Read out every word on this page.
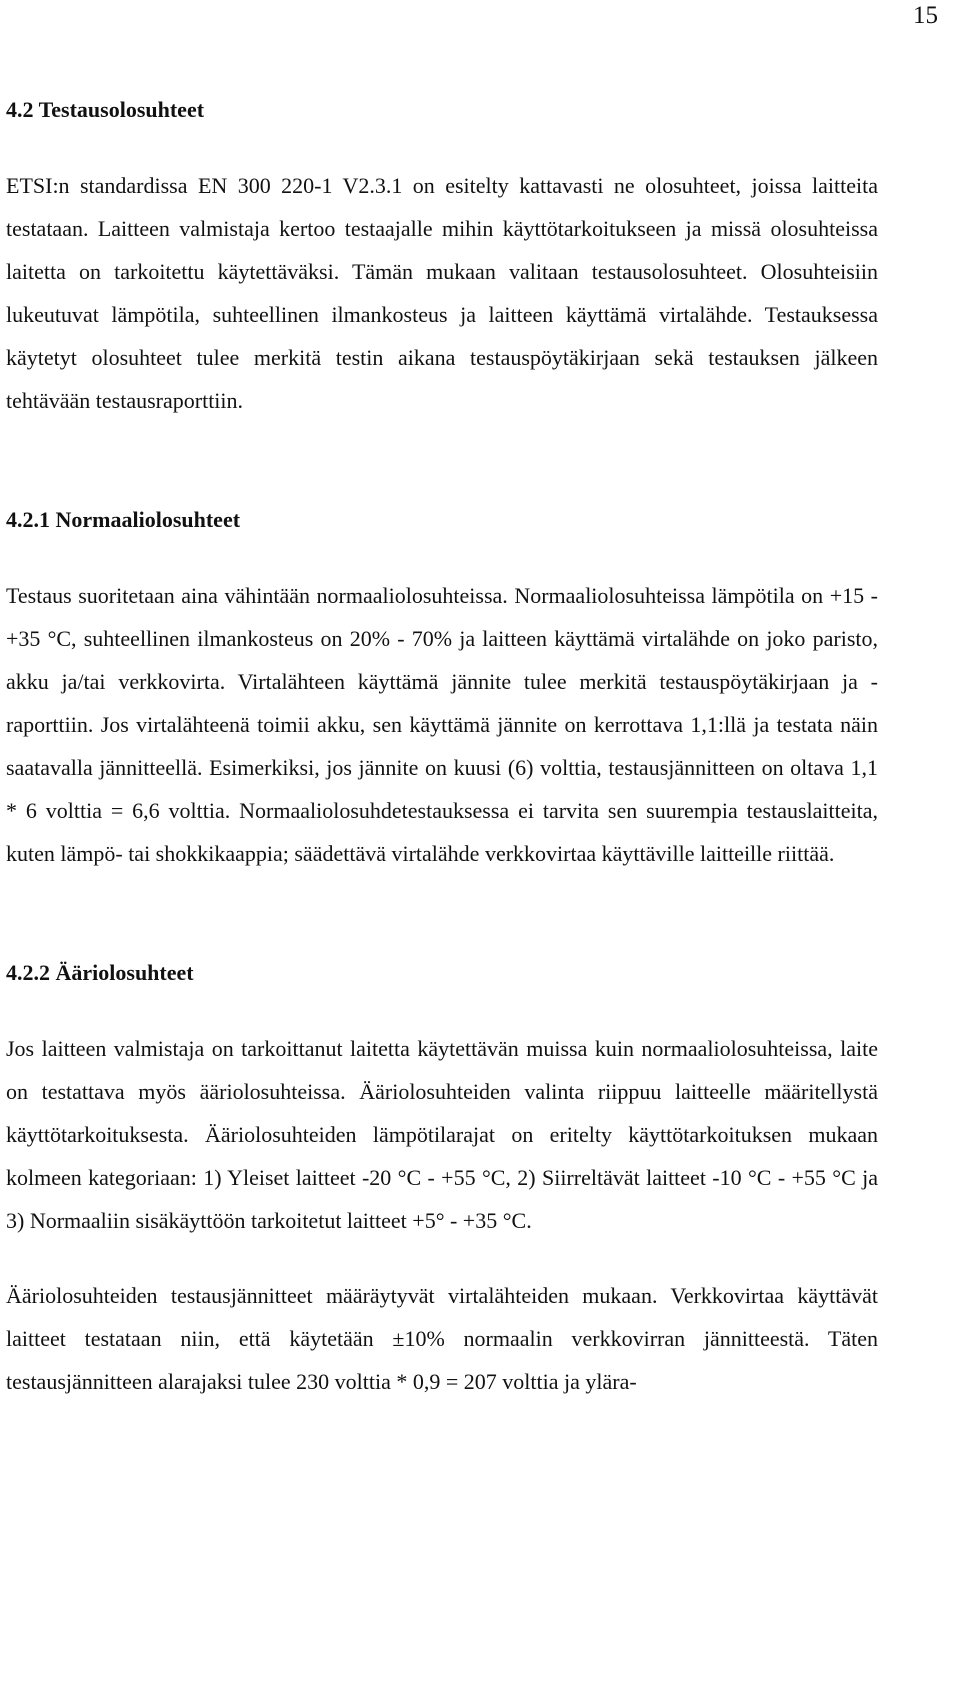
15
4.2 Testausolosuhteet

ETSI:n standardissa EN 300 220-1 V2.3.1 on esitelty kattavasti ne olosuhteet, joissa laitteita testataan. Laitteen valmistaja kertoo testaajalle mihin käyttötarkoitukseen ja missä olosuhteissa laitetta on tarkoitettu käytettäväksi. Tämän mukaan valitaan testausolosuhteet. Olosuhteisiin lukeutuvat lämpötila, suhteellinen ilmankosteus ja laitteen käyttämä virtalähde. Testauksessa käytetyt olosuhteet tulee merkitä testin aikana testauspöytäkirjaan sekä testauksen jälkeen tehtävään testausraporttiin.

4.2.1 Normaaliolosuhteet

Testaus suoritetaan aina vähintään normaaliolosuhteissa. Normaaliolosuhteissa lämpötila on +15 - +35 °C, suhteellinen ilmankosteus on 20% - 70% ja laitteen käyttämä virtalähde on joko paristo, akku ja/tai verkkovirta. Virtalähteen käyttämä jännite tulee merkitä testauspöytäkirjaan ja -raporttiin. Jos virtalähteenä toimii akku, sen käyttämä jännite on kerrottava 1,1:llä ja testata näin saatavalla jännitteellä. Esimerkiksi, jos jännite on kuusi (6) volttia, testausjännitteen on oltava 1,1 * 6 volttia = 6,6 volttia. Normaaliolosuhdetestauksessa ei tarvita sen suurempia testauslaitteita, kuten lämpö- tai shokkikaappia; säädettävä virtalähde verkkovirtaa käyttäville laitteille riittää.

4.2.2 Ääriolosuhteet

Jos laitteen valmistaja on tarkoittanut laitetta käytettävän muissa kuin normaaliolosuhteissa, laite on testattava myös ääriolosuhteissa. Ääriolosuhteiden valinta riippuu laitteelle määritellystä käyttötarkoituksesta. Ääriolosuhteiden lämpötilarajat on eritelty käyttötarkoituksen mukaan kolmeen kategoriaan: 1) Yleiset laitteet -20 °C - +55 °C, 2) Siirreltävät laitteet -10 °C - +55 °C ja 3) Normaaliin sisäkäyttöön tarkoitetut laitteet +5° - +35 °C.

Ääriolosuhteiden testausjännitteet määräytyvät virtalähteiden mukaan. Verkkovirtaa käyttävät laitteet testataan niin, että käytetään ±10% normaalin verkkovirran jännitteestä. Täten testausjännitteen alarajaksi tulee 230 volttia * 0,9 = 207 volttia ja ylära-
